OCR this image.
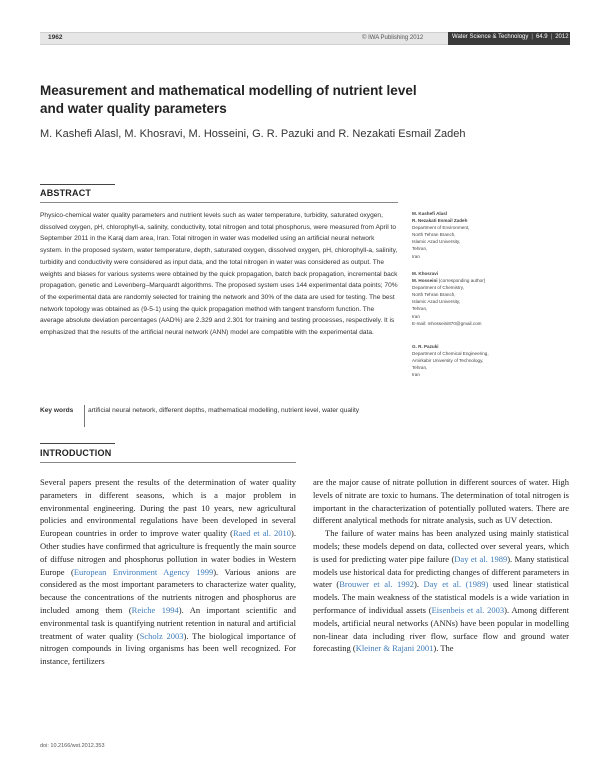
1962	© IWA Publishing 2012	Water Science & Technology | 64.9 | 2012
Measurement and mathematical modelling of nutrient level and water quality parameters
M. Kashefi Alasl, M. Khosravi, M. Hosseini, G. R. Pazuki and R. Nezakati Esmail Zadeh
ABSTRACT
Physico-chemical water quality parameters and nutrient levels such as water temperature, turbidity, saturated oxygen, dissolved oxygen, pH, chlorophyll-a, salinity, conductivity, total nitrogen and total phosphorus, were measured from April to September 2011 in the Karaj dam area, Iran. Total nitrogen in water was modelled using an artificial neural network system. In the proposed system, water temperature, depth, saturated oxygen, dissolved oxygen, pH, chlorophyll-a, salinity, turbidity and conductivity were considered as input data, and the total nitrogen in water was considered as output. The weights and biases for various systems were obtained by the quick propagation, batch back propagation, incremental back propagation, genetic and Levenberg–Marquardt algorithms. The proposed system uses 144 experimental data points; 70% of the experimental data are randomly selected for training the network and 30% of the data are used for testing. The best network topology was obtained as (9-5-1) using the quick propagation method with tangent transform function. The average absolute deviation percentages (AAD%) are 2.329 and 2.301 for training and testing processes, respectively. It is emphasized that the results of the artificial neural network (ANN) model are compatible with the experimental data.
Key words artificial neural network, different depths, mathematical modelling, nutrient level, water quality
M. Kashefi Alasl
R. Nezakati Esmail Zadeh
Department of Environment,
North Tehran Branch,
Islamic Azad University,
Tehran,
Iran
M. Khosravi
M. Hosseini (corresponding author)
Department of Chemistry,
North Tehran Branch,
Islamic Azad University,
Tehran,
Iran
E-mail: mhosseini870@gmail.com
G. R. Pazuki
Department of Chemical Engineering,
Amirkabir University of Technology,
Tehran,
Iran
INTRODUCTION

Several papers present the results of the determination of water quality parameters in different seasons, which is a major problem in environmental engineering. During the past 10 years, new agricultural policies and environmental regulations have been developed in several European countries in order to improve water quality (Raed et al. 2010). Other studies have confirmed that agriculture is frequently the main source of diffuse nitrogen and phosphorus pollution in water bodies in Western Europe (European Environment Agency 1999). Various anions are considered as the most important parameters to characterize water quality, because the concentrations of the nutrients nitrogen and phosphorus are included among them (Reiche 1994). An important scientific and environmental task is quantifying nutrient retention in natural and artificial treatment of water quality (Scholz 2003). The biological importance of nitrogen compounds in living organisms has been well recognized. For instance, fertilizers

are the major cause of nitrate pollution in different sources of water. High levels of nitrate are toxic to humans. The determination of total nitrogen is important in the characterization of potentially polluted waters. There are different analytical methods for nitrate analysis, such as UV detection.

The failure of water mains has been analyzed using mainly statistical models; these models depend on data, collected over several years, which is used for predicting water pipe failure (Day et al. 1989). Many statistical models use historical data for predicting changes of different parameters in water (Brouwer et al. 1992). Day et al. (1989) used linear statistical models. The main weakness of the statistical models is a wide variation in performance of individual assets (Eisenbeis et al. 2003). Among different models, artificial neural networks (ANNs) have been popular in modelling non-linear data including river flow, surface flow and ground water forecasting (Kleiner & Rajani 2001). The

doi: 10.2166/wst.2012.353
